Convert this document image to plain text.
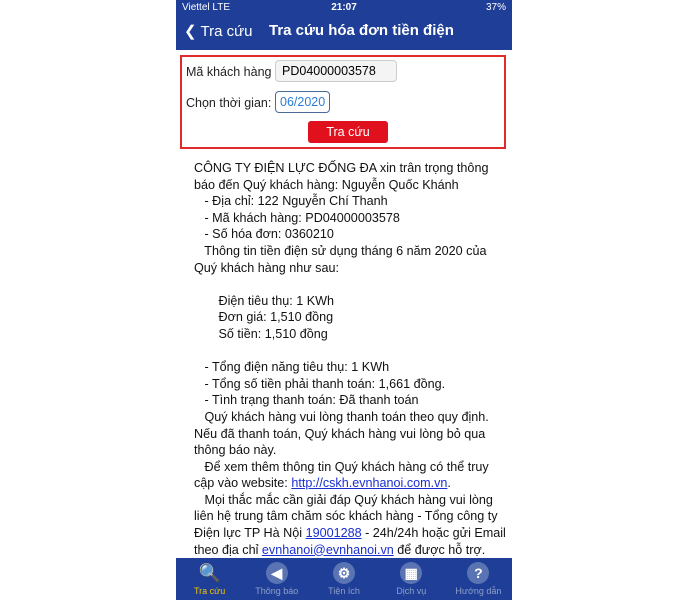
Viettel LTE	21:07	37%
❮ Tra cứu Tra cứu hóa đơn tiền điện
Mã khách hàng PD04000003578
Chọn thời gian: 06/2020
Tra cứu
CÔNG TY ĐIỆN LỰC ĐỐNG ĐA xin trân trọng thông
báo đến Quý khách hàng: Nguyễn Quốc Khánh
- Địa chỉ: 122 Nguyễn Chí Thanh
- Mã khách hàng: PD04000003578
- Số hóa đơn: 0360210
Thông tin tiền điện sử dụng tháng 6 năm 2020 của
Quý khách hàng như sau:

Điện tiêu thụ: 1 KWh
Đơn giá: 1,510 đồng
Số tiền: 1,510 đồng

- Tổng điện năng tiêu thụ: 1 KWh
- Tổng số tiền phải thanh toán: 1,661 đồng.
- Tình trạng thanh toán: Đã thanh toán
Quý khách hàng vui lòng thanh toán theo quy định.
Nếu đã thanh toán, Quý khách hàng vui lòng bỏ qua
thông báo này.
Để xem thêm thông tin Quý khách hàng có thể truy
cập vào website: http://cskh.evnhanoi.com.vn.
Mọi thắc mắc cần giải đáp Quý khách hàng vui lòng
liên hệ trung tâm chăm sóc khách hàng - Tổng công ty
Điện lực TP Hà Nội 19001288 - 24h/24h hoặc gửi Email
theo địa chỉ evnhanoi@evnhanoi.vn để được hỗ trợ.
🔍
Tra cứu
◀
Thông báo
⚙
Tiện ích
▦
Dịch vụ
?
Hướng dẫn
